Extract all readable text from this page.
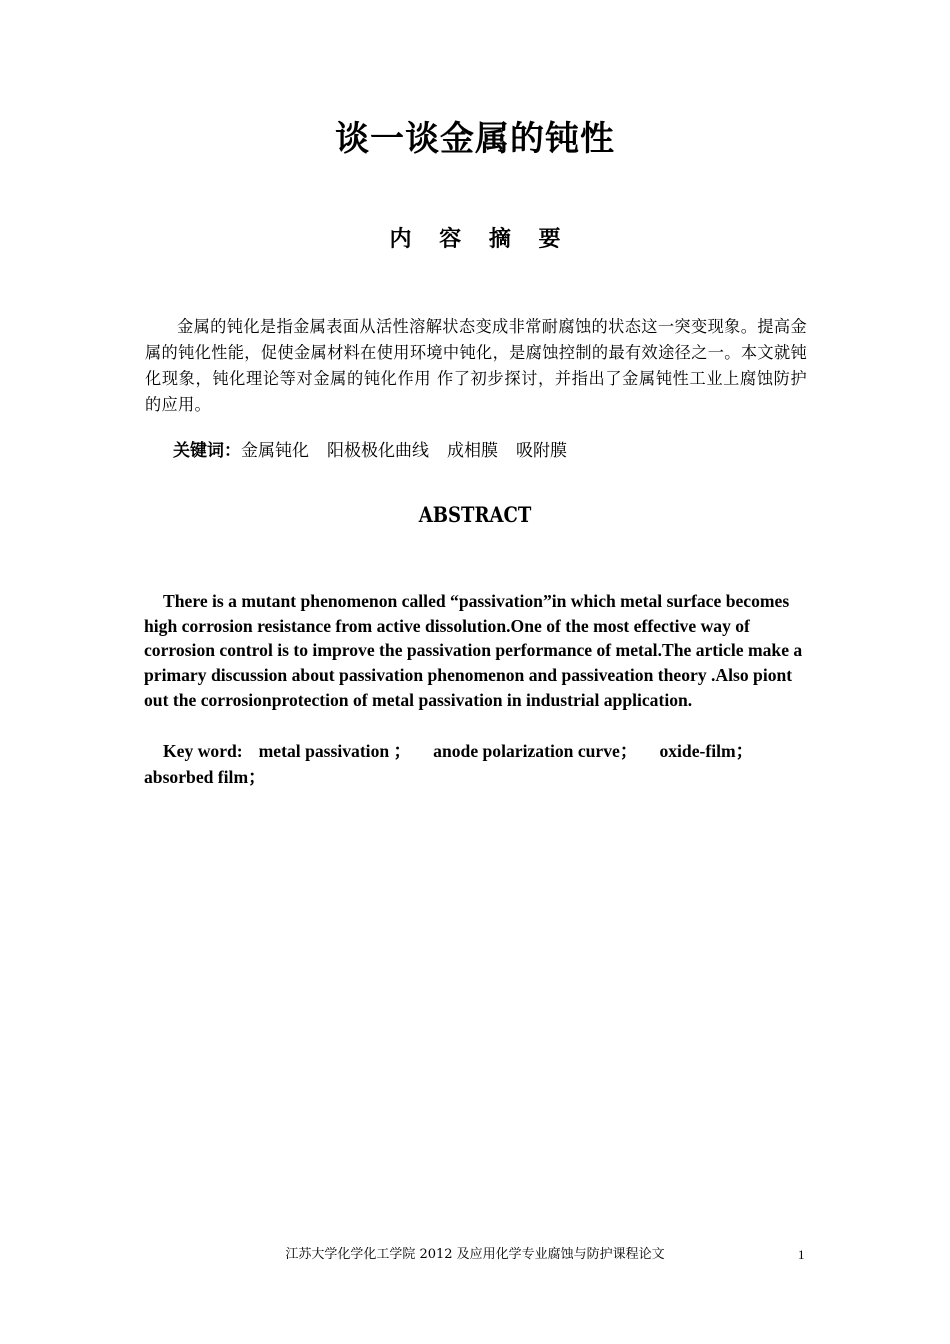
谈一谈金属的钝性
内 容 摘 要

金属的钝化是指金属表面从活性溶解状态变成非常耐腐蚀的状态这一突变现象。提高金属的钝化性能，促使金属材料在使用环境中钝化，是腐蚀控制的最有效途径之一。本文就钝化现象，钝化理论等对金属的钝化作用 作了初步探讨，并指出了金属钝性工业上腐蚀防护的应用。

关键词：金属钝化 阳极极化曲线 成相膜 吸附膜
ABSTRACT

There is a mutant phenomenon called “passivation”in which metal surface becomes high corrosion resistance from active dissolution.One of the most effective way of corrosion control is to improve the passivation performance of metal.The article make a primary discussion about passivation phenomenon and passiveation theory .Also piont out the corrosionprotection of metal passivation in industrial application.

Key word: metal passivation ； anode polarization curve； oxide-film；absorbed film；

江苏大学化学化工学院 2012 及应用化学专业腐蚀与防护课程论文	1
